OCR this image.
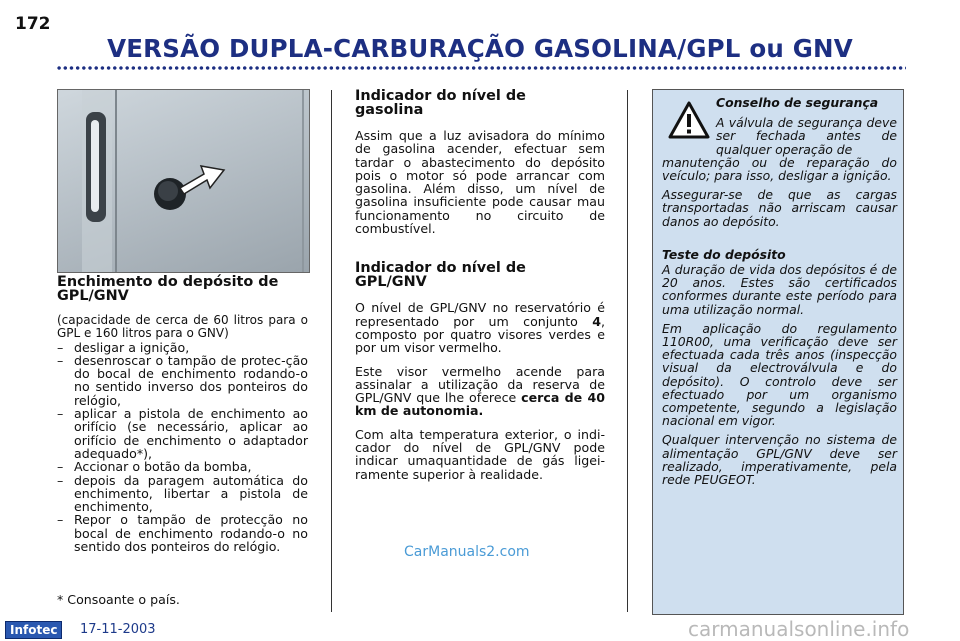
172
VERSÃO DUPLA-CARBURAÇÃO GASOLINA/GPL ou GNV
Enchimento do depósito de GPL/GNV

(capacidade de cerca de 60 litros para o GPL e 160 litros para o GNV)

– desligar a ignição,
– desenroscar o tampão de protec-ção do bocal de enchimento rodando-o no sentido inverso dos ponteiros do relógio,
– aplicar a pistola de enchimento ao orifício (se necessário, aplicar ao orifício de enchimento o adaptador adequado*),
– Accionar o botão da bomba,
– depois da paragem automática do enchimento, libertar a pistola de enchimento,
– Repor o tampão de protecção no bocal de enchimento rodando-o no sentido dos ponteiros do relógio.
* Consoante o país.
Indicador do nível de gasolina

Assim que a luz avisadora do mínimo de gasolina acender, efectuar sem tardar o abastecimento do depósito pois o motor só pode arrancar com gasolina. Além disso, um nível de gasolina insuficiente pode causar mau funcionamento no circuito de combustível.

Indicador do nível de GPL/GNV

O nível de GPL/GNV no reservatório é representado por um conjunto 4, composto por quatro visores verdes e por um visor vermelho.

Este visor vermelho acende para assinalar a utilização da reserva de GPL/GNV que lhe oferece cerca de 40 km de autonomia.

Com alta temperatura exterior, o indi-cador do nível de GPL/GNV pode indicar umaquantidade de gás ligei-ramente superior à realidade.

Conselho de segurança

A válvula de segurança deve ser fechada antes de qualquer operação de

manutenção ou de reparação do veículo; para isso, desligar a ignição.

Assegurar-se de que as cargas transportadas não arriscam causar danos ao depósito.

Teste do depósito

A duração de vida dos depósitos é de 20 anos. Estes são certificados conformes durante este período para uma utilização normal.

Em aplicação do regulamento 110R00, uma verificação deve ser efectuada cada três anos (inspecção visual da electroválvula e do depósito). O controlo deve ser efectuado por um organismo competente, segundo a legislação nacional em vigor.

Qualquer intervenção no sistema de alimentação GPL/GNV deve ser realizado, imperativamente, pela rede PEUGEOT.

CarManuals2.com
Infotec	17-11-2003	carmanualsonline.info
